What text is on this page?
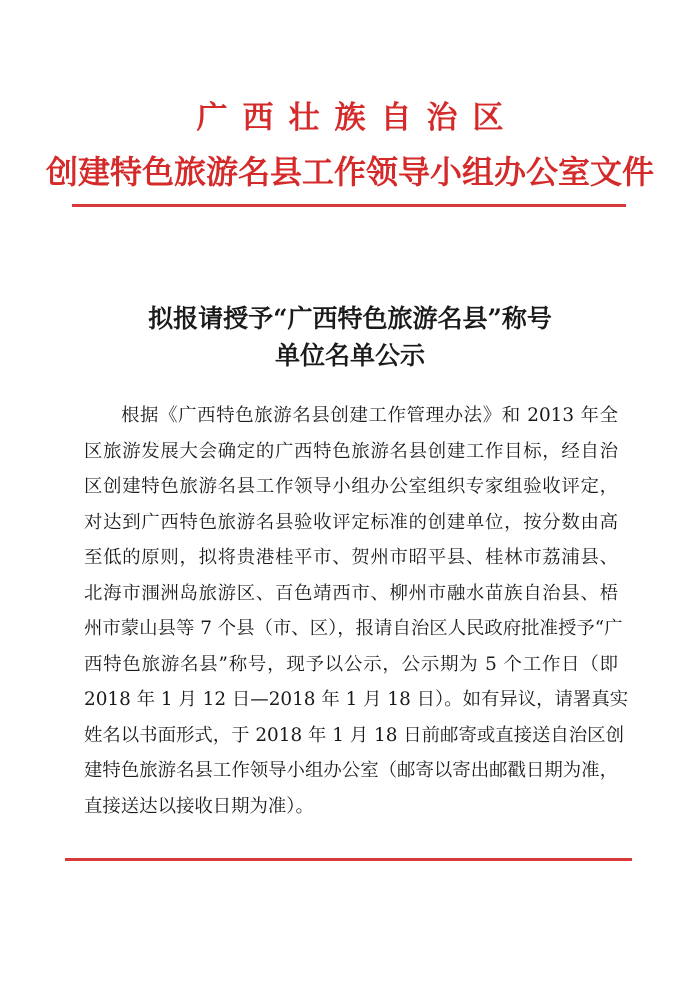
广西壮族自治区
创建特色旅游名县工作领导小组办公室文件
拟报请授予“广西特色旅游名县”称号
单位名单公示
根据《广西特色旅游名县创建工作管理办法》和 2013 年全
区旅游发展大会确定的广西特色旅游名县创建工作目标，经自治
区创建特色旅游名县工作领导小组办公室组织专家组验收评定，
对达到广西特色旅游名县验收评定标准的创建单位，按分数由高
至低的原则，拟将贵港桂平市、贺州市昭平县、桂林市荔浦县、
北海市涠洲岛旅游区、百色靖西市、柳州市融水苗族自治县、梧
州市蒙山县等 7 个县（市、区），报请自治区人民政府批准授予“广
西特色旅游名县”称号，现予以公示，公示期为 5 个工作日（即
2018 年 1 月 12 日—2018 年 1 月 18 日）。如有异议，请署真实
姓名以书面形式，于 2018 年 1 月 18 日前邮寄或直接送自治区创
建特色旅游名县工作领导小组办公室（邮寄以寄出邮戳日期为准，
直接送达以接收日期为准）。
